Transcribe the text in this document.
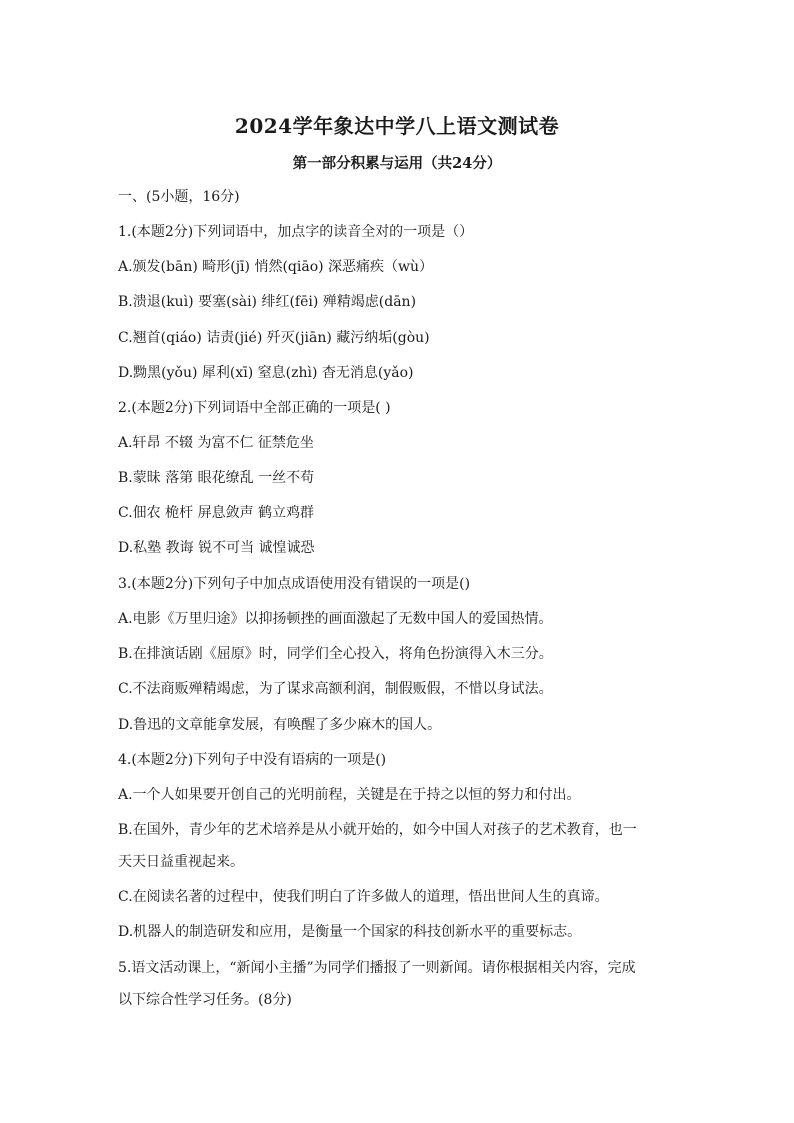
2024学年象达中学八上语文测试卷
第一部分积累与运用（共24分）
一、(5小题，16分)
1.(本题2分)下列词语中，加点字的读音全对的一项是（）
A.颁发(bān) 畸形(jī) 悄然(qiāo) 深恶痛疾（wù）
B.溃退(kuì) 要塞(sài) 绯红(fēi) 殚精竭虑(dān)
C.翘首(qiáo) 诘责(jié) 歼灭(jiān) 藏污纳垢(gòu)
D.黝黑(yǒu) 犀利(xī) 窒息(zhì) 杳无消息(yǎo)
2.(本题2分)下列词语中全部正确的一项是( )
A.轩昂 不辍 为富不仁 征禁危坐
B.蒙昧 落第 眼花缭乱 一丝不苟
C.佃农 桅杆 屏息敛声 鹤立鸡群
D.私塾 教诲 锐不可当 诚惶诚恐
3.(本题2分)下列句子中加点成语使用没有错误的一项是()
A.电影《万里归途》以抑扬顿挫的画面激起了无数中国人的爱国热情。
B.在排演话剧《屈原》时，同学们全心投入，将角色扮演得入木三分。
C.不法商贩殚精竭虑，为了谋求高额利润，制假贩假，不惜以身试法。
D.鲁迅的文章能拿发展，有唤醒了多少麻木的国人。
4.(本题2分)下列句子中没有语病的一项是()
A.一个人如果要开创自己的光明前程，关键是在于持之以恒的努力和付出。
B.在国外，青少年的艺术培养是从小就开始的，如今中国人对孩子的艺术教育，也一
天天日益重视起来。
C.在阅读名著的过程中，使我们明白了许多做人的道理，悟出世间人生的真谛。
D.机器人的制造研发和应用，是衡量一个国家的科技创新水平的重要标志。
5.语文活动课上，“新闻小主播”为同学们播报了一则新闻。请你根据相关内容，完成
以下综合性学习任务。(8分)
